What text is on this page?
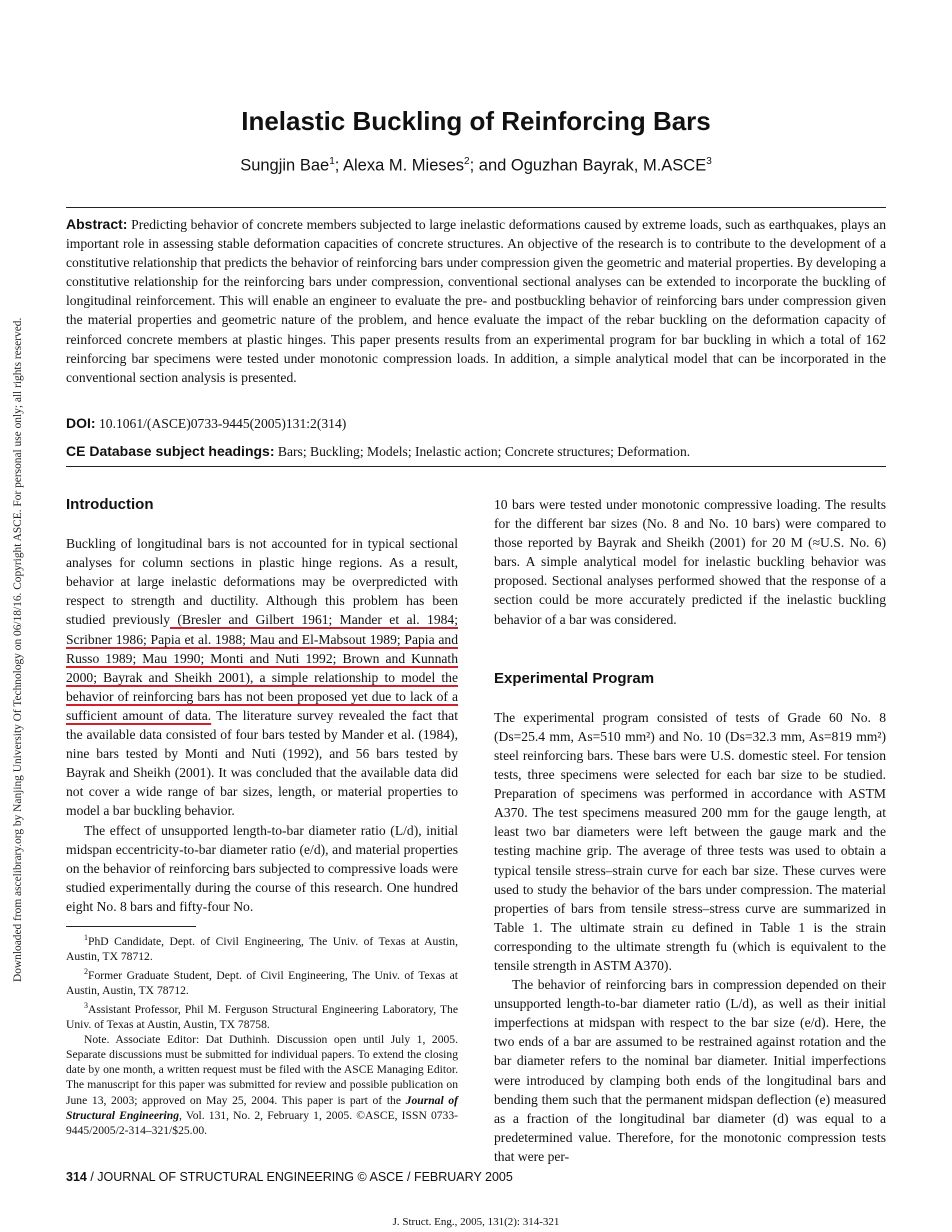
Downloaded from ascelibrary.org by Nanjing University Of Technology on 06/18/16. Copyright ASCE. For personal use only; all rights reserved.
Inelastic Buckling of Reinforcing Bars

Sungjin Bae$^1$; Alexa M. Mieses$^2$; and Oguzhan Bayrak, M.ASCE$^3$

Abstract: Predicting behavior of concrete members subjected to large inelastic deformations caused by extreme loads, such as earthquakes, plays an important role in assessing stable deformation capacities of concrete structures. An objective of the research is to contribute to the development of a constitutive relationship that predicts the behavior of reinforcing bars under compression given the geometric and material properties. By developing a constitutive relationship for the reinforcing bars under compression, conventional sectional analyses can be extended to incorporate the buckling of longitudinal reinforcement. This will enable an engineer to evaluate the pre- and postbuckling behavior of reinforcing bars under compression given the material properties and geometric nature of the problem, and hence evaluate the impact of the rebar buckling on the deformation capacity of reinforced concrete members at plastic hinges. This paper presents results from an experimental program for bar buckling in which a total of 162 reinforcing bar specimens were tested under monotonic compression loads. In addition, a simple analytical model that can be incorporated in the conventional section analysis is presented.

DOI: 10.1061/(ASCE)0733-9445(2005)131:2(314)

CE Database subject headings: Bars; Buckling; Models; Inelastic action; Concrete structures; Deformation.

Introduction

Buckling of longitudinal bars is not accounted for in typical sectional analyses for column sections in plastic hinge regions. As a result, behavior at large inelastic deformations may be overpredicted with respect to strength and ductility. Although this problem has been studied previously (Bresler and Gilbert 1961; Mander et al. 1984; Scribner 1986; Papia et al. 1988; Mau and El-Mabsout 1989; Papia and Russo 1989; Mau 1990; Monti and Nuti 1992; Brown and Kunnath 2000; Bayrak and Sheikh 2001), a simple relationship to model the behavior of reinforcing bars has not been proposed yet due to lack of a sufficient amount of data. The literature survey revealed the fact that the available data consisted of four bars tested by Mander et al. (1984), nine bars tested by Monti and Nuti (1992), and 56 bars tested by Bayrak and Sheikh (2001). It was concluded that the available data did not cover a wide range of bar sizes, length, or material properties to model a bar buckling behavior.

The effect of unsupported length-to-bar diameter ratio (L/d), initial midspan eccentricity-to-bar diameter ratio (e/d), and material properties on the behavior of reinforcing bars subjected to compressive loads were studied experimentally during the course of this research. One hundred eight No. 8 bars and fifty-four No.

$^1$PhD Candidate, Dept. of Civil Engineering, The Univ. of Texas at Austin, Austin, TX 78712.

$^2$Former Graduate Student, Dept. of Civil Engineering, The Univ. of Texas at Austin, Austin, TX 78712.

$^3$Assistant Professor, Phil M. Ferguson Structural Engineering Laboratory, The Univ. of Texas at Austin, Austin, TX 78758.

Note. Associate Editor: Dat Duthinh. Discussion open until July 1, 2005. Separate discussions must be submitted for individual papers. To extend the closing date by one month, a written request must be filed with the ASCE Managing Editor. The manuscript for this paper was submitted for review and possible publication on June 13, 2003; approved on May 25, 2004. This paper is part of the Journal of Structural Engineering, Vol. 131, No. 2, February 1, 2005. ©ASCE, ISSN 0733-9445/2005/2-314–321/$25.00.

10 bars were tested under monotonic compressive loading. The results for the different bar sizes (No. 8 and No. 10 bars) were compared to those reported by Bayrak and Sheikh (2001) for 20 M (≈U.S. No. 6) bars. A simple analytical model for inelastic buckling behavior was proposed. Sectional analyses performed showed that the response of a section could be more accurately predicted if the inelastic buckling behavior of a bar was considered.

Experimental Program

The experimental program consisted of tests of Grade 60 No. 8 (Ds=25.4 mm, As=510 mm²) and No. 10 (Ds=32.3 mm, As=819 mm²) steel reinforcing bars. These bars were U.S. domestic steel. For tension tests, three specimens were selected for each bar size to be studied. Preparation of specimens was performed in accordance with ASTM A370. The test specimens measured 200 mm for the gauge length, at least two bar diameters were left between the gauge mark and the testing machine grip. The average of three tests was used to obtain a typical tensile stress–strain curve for each bar size. These curves were used to study the behavior of the bars under compression. The material properties of bars from tensile stress–stress curve are summarized in Table 1. The ultimate strain εu defined in Table 1 is the strain corresponding to the ultimate strength fu (which is equivalent to the tensile strength in ASTM A370).

The behavior of reinforcing bars in compression depended on their unsupported length-to-bar diameter ratio (L/d), as well as their initial imperfections at midspan with respect to the bar size (e/d). Here, the two ends of a bar are assumed to be restrained against rotation and the bar diameter refers to the nominal bar diameter. Initial imperfections were introduced by clamping both ends of the longitudinal bars and bending them such that the permanent midspan deflection (e) measured as a fraction of the longitudinal bar diameter (d) was equal to a predetermined value. Therefore, for the monotonic compression tests that were per-

314 / JOURNAL OF STRUCTURAL ENGINEERING © ASCE / FEBRUARY 2005
J. Struct. Eng., 2005, 131(2): 314-321
